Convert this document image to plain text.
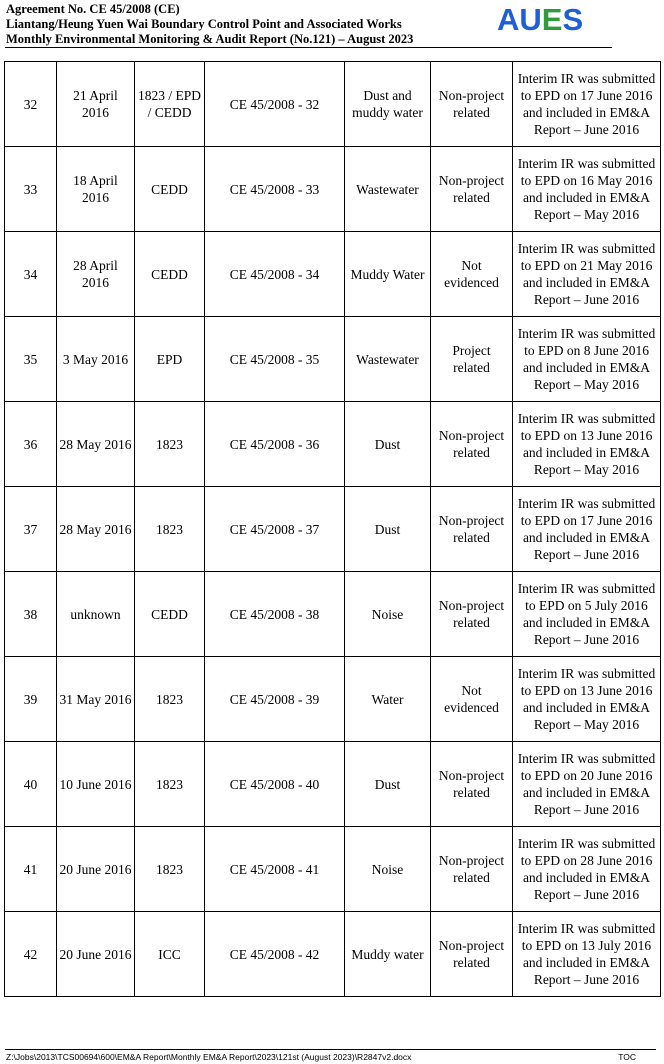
Agreement No. CE 45/2008 (CE)
Liantang/Heung Yuen Wai Boundary Control Point and Associated Works
Monthly Environmental Monitoring & Audit Report (No.121) – August 2023
AUES
32	21 April 2016	1823 / EPD / CEDD	CE 45/2008 - 32	Dust and muddy water	Non-project related	Interim IR was submitted to EPD on 17 June 2016 and included in EM&A Report – June 2016
33	18 April 2016	CEDD	CE 45/2008 - 33	Wastewater	Non-project related	Interim IR was submitted to EPD on 16 May 2016 and included in EM&A Report – May 2016
34	28 April 2016	CEDD	CE 45/2008 - 34	Muddy Water	Not evidenced	Interim IR was submitted to EPD on 21 May 2016 and included in EM&A Report – June 2016
35	3 May 2016	EPD	CE 45/2008 - 35	Wastewater	Project related	Interim IR was submitted to EPD on 8 June 2016 and included in EM&A Report – May 2016
36	28 May 2016	1823	CE 45/2008 - 36	Dust	Non-project related	Interim IR was submitted to EPD on 13 June 2016 and included in EM&A Report – May 2016
37	28 May 2016	1823	CE 45/2008 - 37	Dust	Non-project related	Interim IR was submitted to EPD on 17 June 2016 and included in EM&A Report – June 2016
38	unknown	CEDD	CE 45/2008 - 38	Noise	Non-project related	Interim IR was submitted to EPD on 5 July 2016 and included in EM&A Report – June 2016
39	31 May 2016	1823	CE 45/2008 - 39	Water	Not evidenced	Interim IR was submitted to EPD on 13 June 2016 and included in EM&A Report – May 2016
40	10 June 2016	1823	CE 45/2008 - 40	Dust	Non-project related	Interim IR was submitted to EPD on 20 June 2016 and included in EM&A Report – June 2016
41	20 June 2016	1823	CE 45/2008 - 41	Noise	Non-project related	Interim IR was submitted to EPD on 28 June 2016 and included in EM&A Report – June 2016
42	20 June 2016	ICC	CE 45/2008 - 42	Muddy water	Non-project related	Interim IR was submitted to EPD on 13 July 2016 and included in EM&A Report – June 2016
Z:\Jobs\2013\TCS00694\600\EM&A Report\Monthly EM&A Report\2023\121st (August 2023)\R2847v2.docx	TOC
